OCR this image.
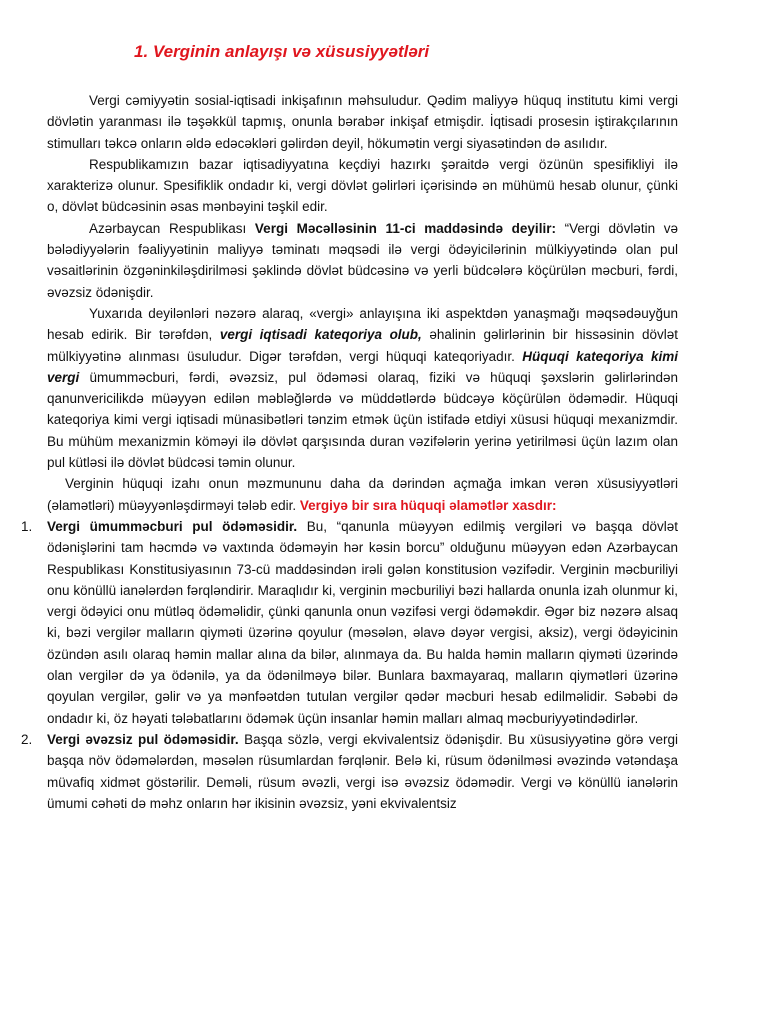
1. Verginin anlayışı və xüsusiyyətləri

Vergi cəmiyyətin sosial-iqtisadi inkişafının məhsuludur. Qədim maliyyə hüquq institutu kimi vergi dövlətin yaranması ilə təşəkkül tapmış, onunla bərabər inkişaf etmişdir. İqtisadi prosesin iştirakçılarının stimulları təkcə onların əldə edəcəkləri gəlirdən deyil, hökumətin vergi siyasətindən də asılıdır.

Respublikamızın bazar iqtisadiyyatına keçdiyi hazırkı şəraitdə vergi özünün spesifikliyi ilə xarakterizə olunur. Spesifiklik ondadır ki, vergi dövlət gəlirləri içərisində ən mühümü hesab olunur, çünki o, dövlət büdcəsinin əsas mənbəyini təşkil edir.

Azərbaycan Respublikası Vergi Məcəlləsinin 11-ci maddəsində deyilir: “Vergi dövlətin və bələdiyyələrin fəaliyyətinin maliyyə təminatı məqsədi ilə vergi ödəyicilərinin mülkiyyətində olan pul vəsaitlərinin özgəninkiləşdirilməsi şəklində dövlət büdcəsinə və yerli büdcələrə köçürülən məcburi, fərdi, əvəzsiz ödənişdir.

Yuxarıda deyilənləri nəzərə alaraq, «vergi» anlayışına iki aspektdən yanaşmağı məqsədəuyğun hesab edirik. Bir tərəfdən, vergi iqtisadi kateqoriya olub, əhalinin gəlirlərinin bir hissəsinin dövlət mülkiyyətinə alınması üsuludur. Digər tərəfdən, vergi hüquqi kateqoriyadır. Hüquqi kateqoriya kimi vergi ümumməcburi, fərdi, əvəzsiz, pul ödəməsi olaraq, fiziki və hüquqi şəxslərin gəlirlərindən qanunvericilikdə müəyyən edilən məbləğlərdə və müddətlərdə büdcəyə köçürülən ödəmədir. Hüquqi kateqoriya kimi vergi iqtisadi münasibətləri tənzim etmək üçün istifadə etdiyi xüsusi hüquqi mexanizmdir. Bu mühüm mexanizmin köməyi ilə dövlət qarşısında duran vəzifələrin yerinə yetirilməsi üçün lazım olan pul kütləsi ilə dövlət büdcəsi təmin olunur.

Verginin hüquqi izahı onun məzmununu daha da dərindən açmağa imkan verən xüsusiyyətləri (əlamətləri) müəyyənləşdirməyi tələb edir. Vergiyə bir sıra hüquqi əlamətlər xasdır:

1. Vergi ümumməcburi pul ödəməsidir. Bu, “qanunla müəyyən edilmiş vergiləri və başqa dövlət ödənişlərini tam həcmdə və vaxtında ödəməyin hər kəsin borcu” olduğunu müəyyən edən Azərbaycan Respublikası Konstitusiyasının 73-cü maddəsindən irəli gələn konstitusion vəzifədir. Verginin məcburiliyi onu könüllü ianələrdən fərqləndirir. Maraqlıdır ki, verginin məcburiliyi bəzi hallarda onunla izah olunmur ki, vergi ödəyici onu mütləq ödəməlidir, çünki qanunla onun vəzifəsi vergi ödəməkdir. Əgər biz nəzərə alsaq ki, bəzi vergilər malların qiyməti üzərinə qoyulur (məsələn, əlavə dəyər vergisi, aksiz), vergi ödəyicinin özündən asılı olaraq həmin mallar alına da bilər, alınmaya da. Bu halda həmin malların qiyməti üzərində olan vergilər də ya ödənilə, ya da ödənilməyə bilər. Bunlara baxmayaraq, malların qiymətləri üzərinə qoyulan vergilər, gəlir və ya mənfəətdən tutulan vergilər qədər məcburi hesab edilməlidir. Səbəbi də ondadır ki, öz həyati tələbatlarını ödəmək üçün insanlar həmin malları almaq məcburiyyətindədirlər.
2. Vergi əvəzsiz pul ödəməsidir. Başqa sözlə, vergi ekvivalentsiz ödənişdir. Bu xüsusiyyətinə görə vergi başqa növ ödəmələrdən, məsələn rüsumlardan fərqlənir. Belə ki, rüsum ödənilməsi əvəzində vətəndaşa müvafiq xidmət göstərilir. Deməli, rüsum əvəzli, vergi isə əvəzsiz ödəmədir. Vergi və könüllü ianələrin ümumi cəhəti də məhz onların hər ikisinin əvəzsiz, yəni ekvivalentsiz
